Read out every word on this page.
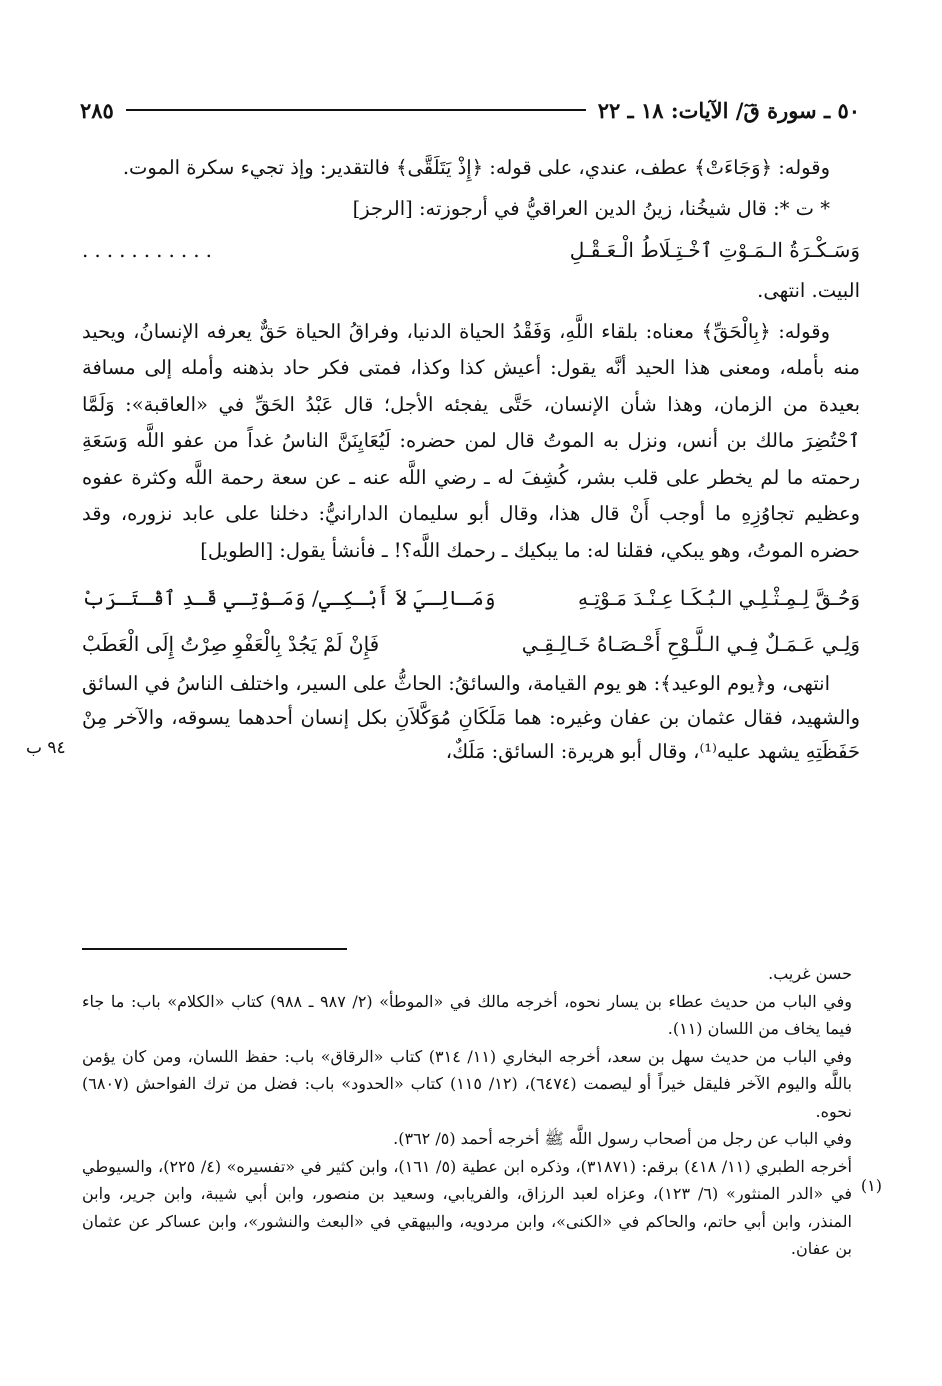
٥٠ ـ سورة قٓ/ الآيات: ١٨ ـ ٢٢
٢٨٥

وقوله: ﴿وَجَاءَتْ﴾ عطف، عندي، على قوله: ﴿إِذْ يَتَلَقَّى﴾ فالتقدير: وإذ تجيء سكرة الموت.

* ت *: قال شيخُنا، زينُ الدين العراقيُّ في أرجوزته: [الرجز]

وَسَـكْـرَةُ الـمَـوْتِ ٱخْـتِـلَاطُ الْـعَـقْـلِ
...........

البيت. انتهى.

وقوله: ﴿بِالْحَقِّ﴾ معناه: بلقاء اللَّهِ، وَفَقْدُ الحياة الدنيا، وفراقُ الحياة حَقٌّ يعرفه الإنسانُ، ويحيد منه بأمله، ومعنى هذا الحيد أنَّه يقول: أعيش كذا وكذا، فمتى فكر حاد بذهنه وأمله إلى مسافة بعيدة من الزمان، وهذا شأن الإنسان، حَتَّى يفجئه الأجل؛ قال عَبْدُ الحَقِّ في «العاقبة»: وَلَمَّا ٱحْتُضِرَ مالك بن أنس، ونزل به الموتُ قال لمن حضره: لَيُعَايِنَنَّ الناسُ غداً من عفو اللَّه وَسَعَةِ رحمته ما لم يخطر على قلب بشر، كُشِفَ له ـ رضي اللَّه عنه ـ عن سعة رحمة اللَّه وكثرة عفوه وعظيم تجاوُزِهِ ما أوجب أَنْ قال هذا، وقال أبو سليمان الدارانيُّ: دخلنا على عابد نزوره، وقد حضره الموتُ، وهو يبكي، فقلنا له: ما يبكيك ـ رحمك اللَّه؟! ـ فأنشأ يقول: [الطويل]

وَحُـقَّ لِـمِـثْـلِـي الـبُـكَـا عِـنْـدَ مَـوْتِـهِ
وَمَـالِـيَ لاَ أَبْـكِـي/ وَمَـوْتِـي قَـدِ ٱقْـتَـرَبْ
وَلِـي عَـمَـلٌ فِـي الـلَّـوْحِ أَحْـصَـاهُ خَـالِـقِـي
فَإِنْ لَمْ يَجُدْ بِالْعَفْوِ صِرْتُ إِلَى الْعَطَبْ

انتهى، و﴿يوم الوعيد﴾: هو يوم القيامة، والسائقُ: الحاثُّ على السير، واختلف الناسُ في السائق والشهيد، فقال عثمان بن عفان وغيره: هما مَلَكَانِ مُوَكَّلاَنِ بكل إنسان أحدهما يسوقه، والآخر مِنْ حَفَظَتِهِ يشهد عليه⁽¹⁾، وقال أبو هريرة: السائق: مَلَكٌ،

٩٤ ب

حسن غريب.

وفي الباب من حديث عطاء بن يسار نحوه، أخرجه مالك في «الموطأ» (٢/ ٩٨٧ ـ ٩٨٨) كتاب «الكلام» باب: ما جاء فيما يخاف من اللسان (١١).

وفي الباب من حديث سهل بن سعد، أخرجه البخاري (١١/ ٣١٤) كتاب «الرقاق» باب: حفظ اللسان، ومن كان يؤمن باللَّه واليوم الآخر فليقل خيراً أو ليصمت (٦٤٧٤)، (١٢/ ١١٥) كتاب «الحدود» باب: فضل من ترك الفواحش (٦٨٠٧) نحوه.

وفي الباب عن رجل من أصحاب رسول اللَّه ﷺ أخرجه أحمد (٥/ ٣٦٢).

(١)
أخرجه الطبري (١١/ ٤١٨) برقم: (٣١٨٧١)، وذكره ابن عطية (٥/ ١٦١)، وابن كثير في «تفسيره» (٤/ ٢٢٥)، والسيوطي في «الدر المنثور» (٦/ ١٢٣)، وعزاه لعبد الرزاق، والفريابي، وسعيد بن منصور، وابن أبي شيبة، وابن جرير، وابن المنذر، وابن أبي حاتم، والحاكم في «الكنى»، وابن مردويه، والبيهقي في «البعث والنشور»، وابن عساكر عن عثمان بن عفان.
